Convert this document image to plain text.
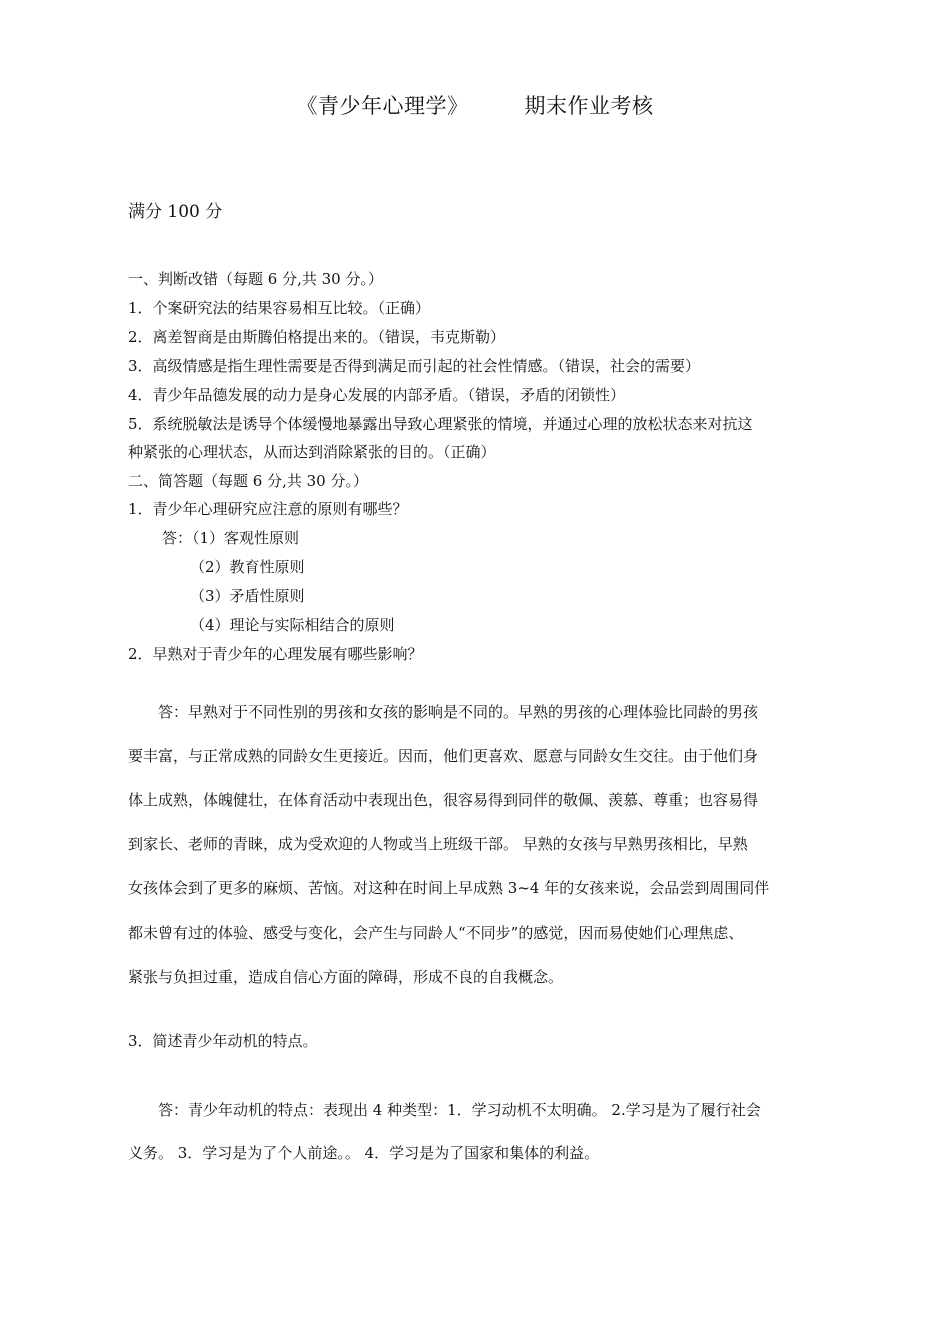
《青少年心理学》	期末作业考核
满分 100 分
一、判断改错（每题 6 分,共 30 分。）
1．个案研究法的结果容易相互比较。（正确）
2．离差智商是由斯腾伯格提出来的。（错误，韦克斯勒）
3．高级情感是指生理性需要是否得到满足而引起的社会性情感。（错误，社会的需要）
4．青少年品德发展的动力是身心发展的内部矛盾。（错误，矛盾的闭锁性）
5．系统脱敏法是诱导个体缓慢地暴露出导致心理紧张的情境，并通过心理的放松状态来对抗这
种紧张的心理状态，从而达到消除紧张的目的。（正确）
二、简答题（每题 6 分,共 30 分。）
1．青少年心理研究应注意的原则有哪些？
答：（1）客观性原则
（2）教育性原则
（3）矛盾性原则
（4）理论与实际相结合的原则
2．早熟对于青少年的心理发展有哪些影响？
　　答：早熟对于不同性别的男孩和女孩的影响是不同的。早熟的男孩的心理体验比同龄的男孩
要丰富，与正常成熟的同龄女生更接近。因而，他们更喜欢、愿意与同龄女生交往。由于他们身
体上成熟，体魄健壮，在体育活动中表现出色，很容易得到同伴的敬佩、羡慕、尊重；也容易得
到家长、老师的青睐，成为受欢迎的人物或当上班级干部。 早熟的女孩与早熟男孩相比，早熟
女孩体会到了更多的麻烦、苦恼。对这种在时间上早成熟 3~4 年的女孩来说，会品尝到周围同伴
都未曾有过的体验、感受与变化，会产生与同龄人“不同步”的感觉，因而易使她们心理焦虑、
紧张与负担过重，造成自信心方面的障碍，形成不良的自我概念。
3．简述青少年动机的特点。
　　答：青少年动机的特点：表现出 4 种类型：1．学习动机不太明确。 2.学习是为了履行社会
义务。 3．学习是为了个人前途。。 4．学习是为了国家和集体的利益。
